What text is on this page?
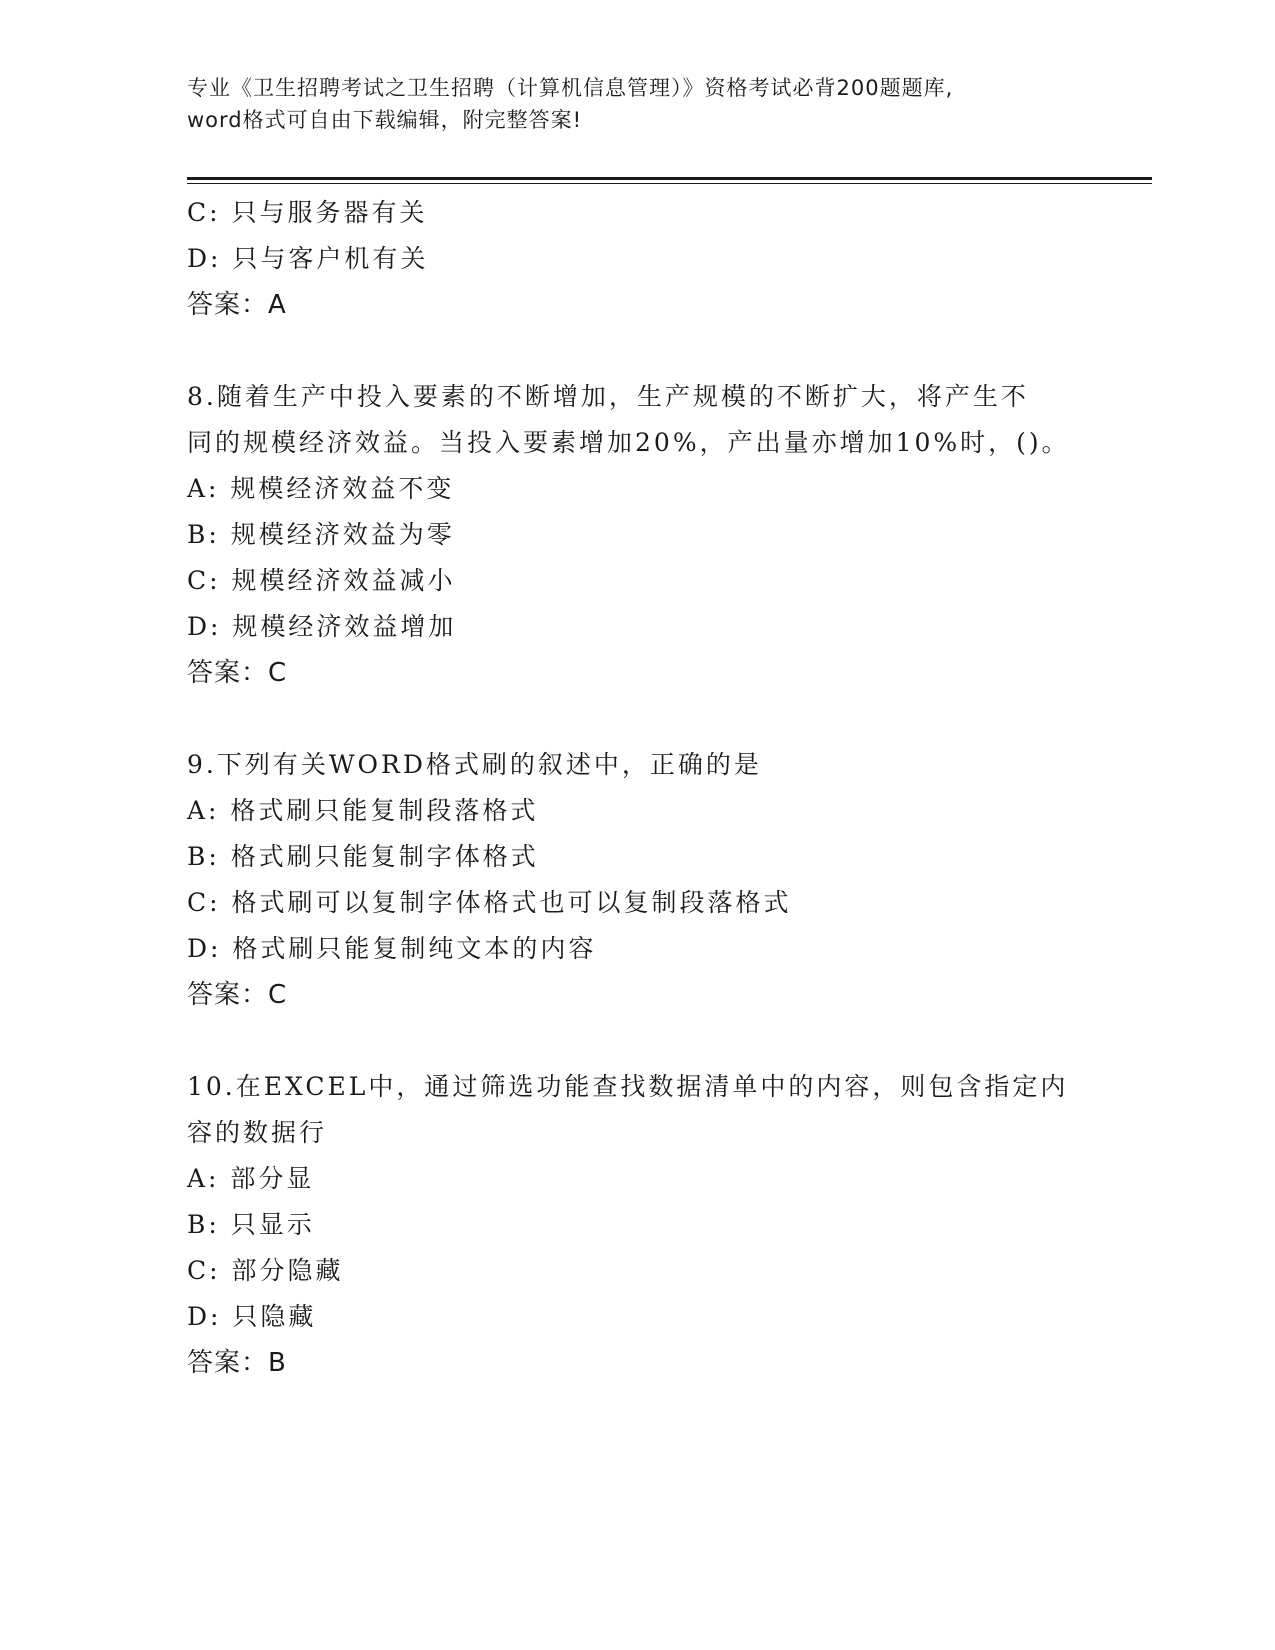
专业《卫生招聘考试之卫生招聘（计算机信息管理）》资格考试必背200题题库,
word格式可自由下载编辑，附完整答案!
C: 只与服务器有关
D: 只与客户机有关
答案：A
8.随着生产中投入要素的不断增加，生产规模的不断扩大，将产生不
同的规模经济效益。当投入要素增加20%，产出量亦增加10%时，()。
A: 规模经济效益不变
B: 规模经济效益为零
C: 规模经济效益减小
D: 规模经济效益增加
答案：C
9.下列有关WORD格式刷的叙述中，正确的是
A: 格式刷只能复制段落格式
B: 格式刷只能复制字体格式
C: 格式刷可以复制字体格式也可以复制段落格式
D: 格式刷只能复制纯文本的内容
答案：C
10.在EXCEL中，通过筛选功能查找数据清单中的内容，则包含指定内
容的数据行
A: 部分显
B: 只显示
C: 部分隐藏
D: 只隐藏
答案：B
